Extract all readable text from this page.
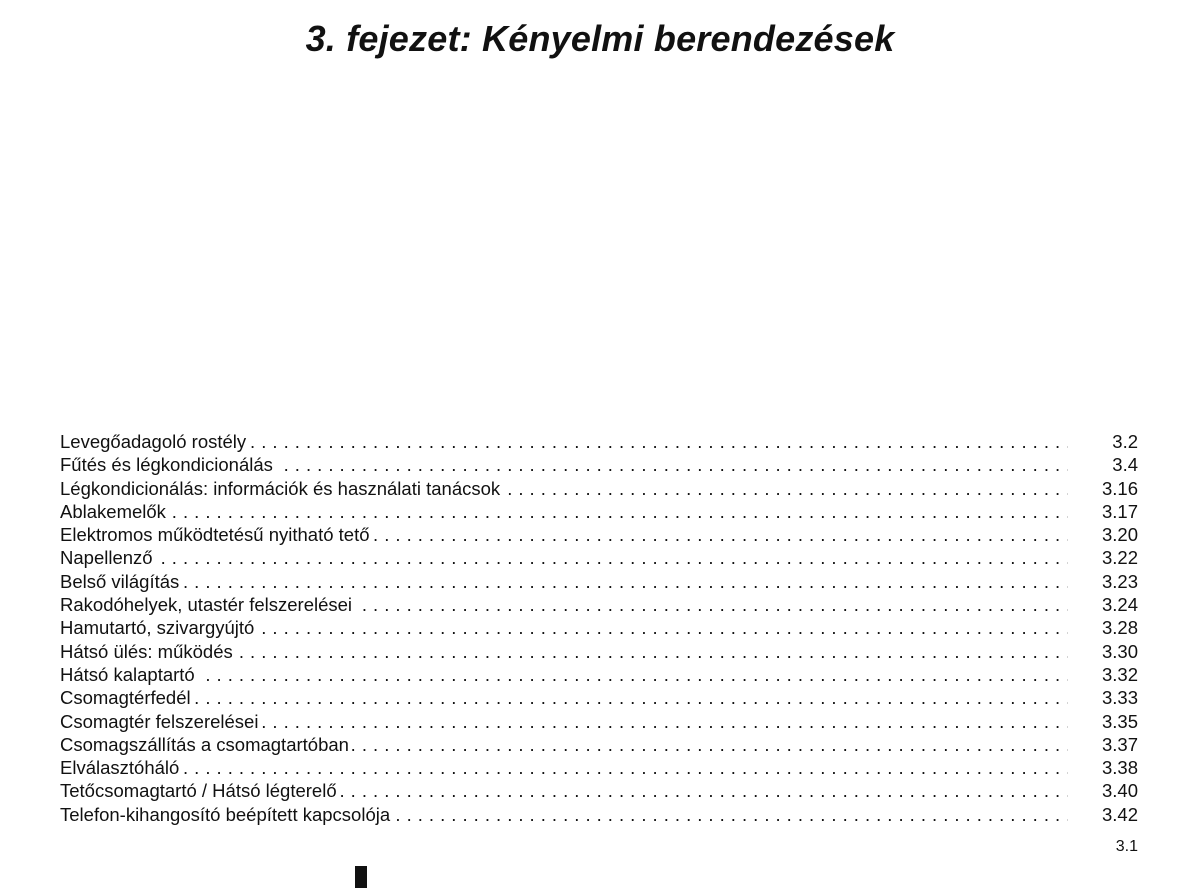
3. fejezet: Kényelmi berendezések
. . .
Levegőadagoló rostély	3.2
. . .
Fűtés és légkondicionálás	3.4
. . .
Légkondicionálás: információk és használati tanácsok	3.16
. . .
Ablakemelők	3.17
. . .
Elektromos működtetésű nyitható tető	3.20
. . .
Napellenző	3.22
. . .
Belső világítás	3.23
. . .
Rakodóhelyek, utastér felszerelései	3.24
. . .
Hamutartó, szivargyújtó	3.28
. . .
Hátsó ülés: működés	3.30
. . .
Hátsó kalaptartó	3.32
. . .
Csomagtérfedél	3.33
. . .
Csomagtér felszerelései	3.35
. . .
Csomagszállítás a csomagtartóban	3.37
. . .
Elválasztóháló	3.38
. . .
Tetőcsomagtartó / Hátsó légterelő	3.40
. . .
Telefon-kihangosító beépített kapcsolója	3.42
3.1
